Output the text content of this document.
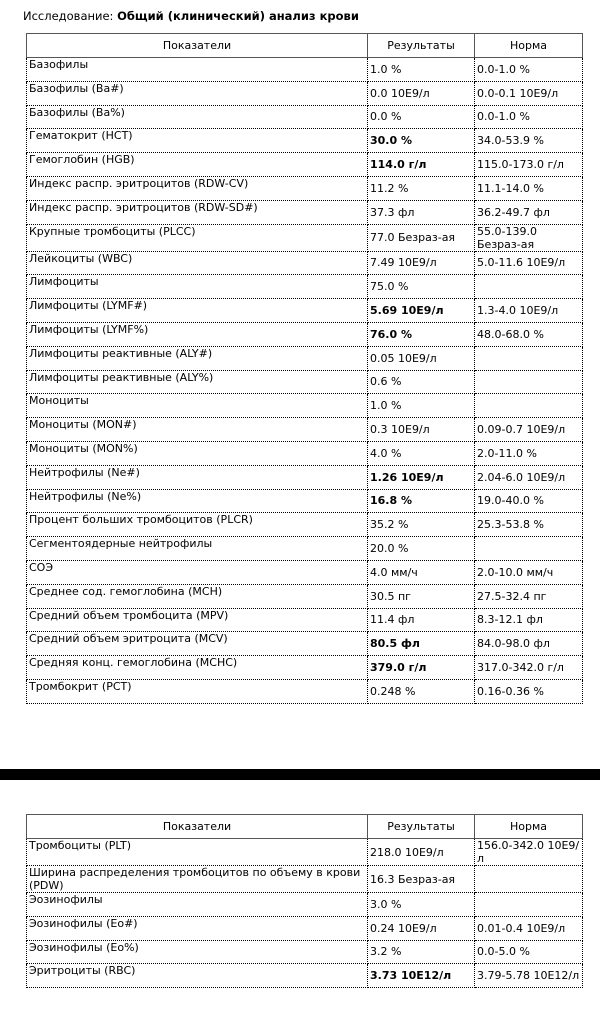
Исследование: Общий (клинический) анализ крови
Показатели	Результаты	Норма
Базофилы	1.0 %	0.0-1.0 %
Базофилы (Ba#)	0.0 10E9/л	0.0-0.1 10E9/л
Базофилы (Ba%)	0.0 %	0.0-1.0 %
Гематокрит (HCT)	30.0 %	34.0-53.9 %
Гемоглобин (HGB)	114.0 г/л	115.0-173.0 г/л
Индекс распр. эритроцитов (RDW-CV)	11.2 %	11.1-14.0 %
Индекс распр. эритроцитов (RDW-SD#)	37.3 фл	36.2-49.7 фл
Крупные тромбоциты (PLCC)	77.0 Безраз-ая	55.0-139.0 Безраз-ая
Лейкоциты (WBC)	7.49 10E9/л	5.0-11.6 10E9/л
Лимфоциты	75.0 %	
Лимфоциты (LYMF#)	5.69 10E9/л	1.3-4.0 10E9/л
Лимфоциты (LYMF%)	76.0 %	48.0-68.0 %
Лимфоциты реактивные (ALY#)	0.05 10E9/л	
Лимфоциты реактивные (ALY%)	0.6 %	
Моноциты	1.0 %	
Моноциты (MON#)	0.3 10E9/л	0.09-0.7 10E9/л
Моноциты (MON%)	4.0 %	2.0-11.0 %
Нейтрофилы (Ne#)	1.26 10E9/л	2.04-6.0 10E9/л
Нейтрофилы (Ne%)	16.8 %	19.0-40.0 %
Процент больших тромбоцитов (PLCR)	35.2 %	25.3-53.8 %
Сегментоядерные нейтрофилы	20.0 %	
СОЭ	4.0 мм/ч	2.0-10.0 мм/ч
Среднее сод. гемоглобина (MCH)	30.5 пг	27.5-32.4 пг
Средний объем тромбоцита (MPV)	11.4 фл	8.3-12.1 фл
Средний объем эритроцита (MCV)	80.5 фл	84.0-98.0 фл
Средняя конц. гемоглобина (MCHC)	379.0 г/л	317.0-342.0 г/л
Тромбокрит (PCT)	0.248 %	0.16-0.36 %
Показатели	Результаты	Норма
Тромбоциты (PLT)	218.0 10E9/л	156.0-342.0 10E9/л
Ширина распределения тромбоцитов по объему в крови (PDW)	16.3 Безраз-ая	
Эозинофилы	3.0 %	
Эозинофилы (Eo#)	0.24 10E9/л	0.01-0.4 10E9/л
Эозинофилы (Eo%)	3.2 %	0.0-5.0 %
Эритроциты (RBC)	3.73 10E12/л	3.79-5.78 10E12/л
